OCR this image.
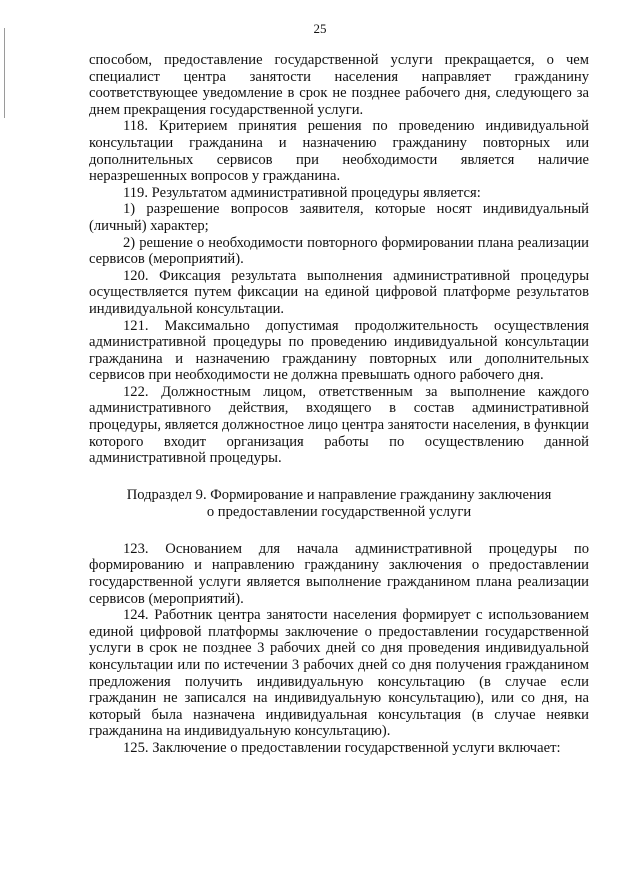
25

способом, предоставление государственной услуги прекращается, о чем специалист центра занятости населения направляет гражданину соответствующее уведомление в срок не позднее рабочего дня, следующего за днем прекращения государственной услуги.

118. Критерием принятия решения по проведению индивидуальной консультации гражданина и назначению гражданину повторных или дополнительных сервисов при необходимости является наличие неразрешенных вопросов у гражданина.

119. Результатом административной процедуры является:

1) разрешение вопросов заявителя, которые носят индивидуальный (личный) характер;

2) решение о необходимости повторного формировании плана реализации сервисов (мероприятий).

120. Фиксация результата выполнения административной процедуры осуществляется путем фиксации на единой цифровой платформе результатов индивидуальной консультации.

121. Максимально допустимая продолжительность осуществления административной процедуры по проведению индивидуальной консультации гражданина и назначению гражданину повторных или дополнительных сервисов при необходимости не должна превышать одного рабочего дня.

122. Должностным лицом, ответственным за выполнение каждого административного действия, входящего в состав административной процедуры, является должностное лицо центра занятости населения, в функции которого входит организация работы по осуществлению данной административной процедуры.

Подраздел 9. Формирование и направление гражданину заключения
о предоставлении государственной услуги

123. Основанием для начала административной процедуры по формированию и направлению гражданину заключения о предоставлении государственной услуги является выполнение гражданином плана реализации сервисов (мероприятий).

124. Работник центра занятости населения формирует с использованием единой цифровой платформы заключение о предоставлении государственной услуги в срок не позднее 3 рабочих дней со дня проведения индивидуальной консультации или по истечении 3 рабочих дней со дня получения гражданином предложения получить индивидуальную консультацию (в случае если гражданин не записался на индивидуальную консультацию), или со дня, на который была назначена индивидуальная консультация (в случае неявки гражданина на индивидуальную консультацию).

125. Заключение о предоставлении государственной услуги включает:
